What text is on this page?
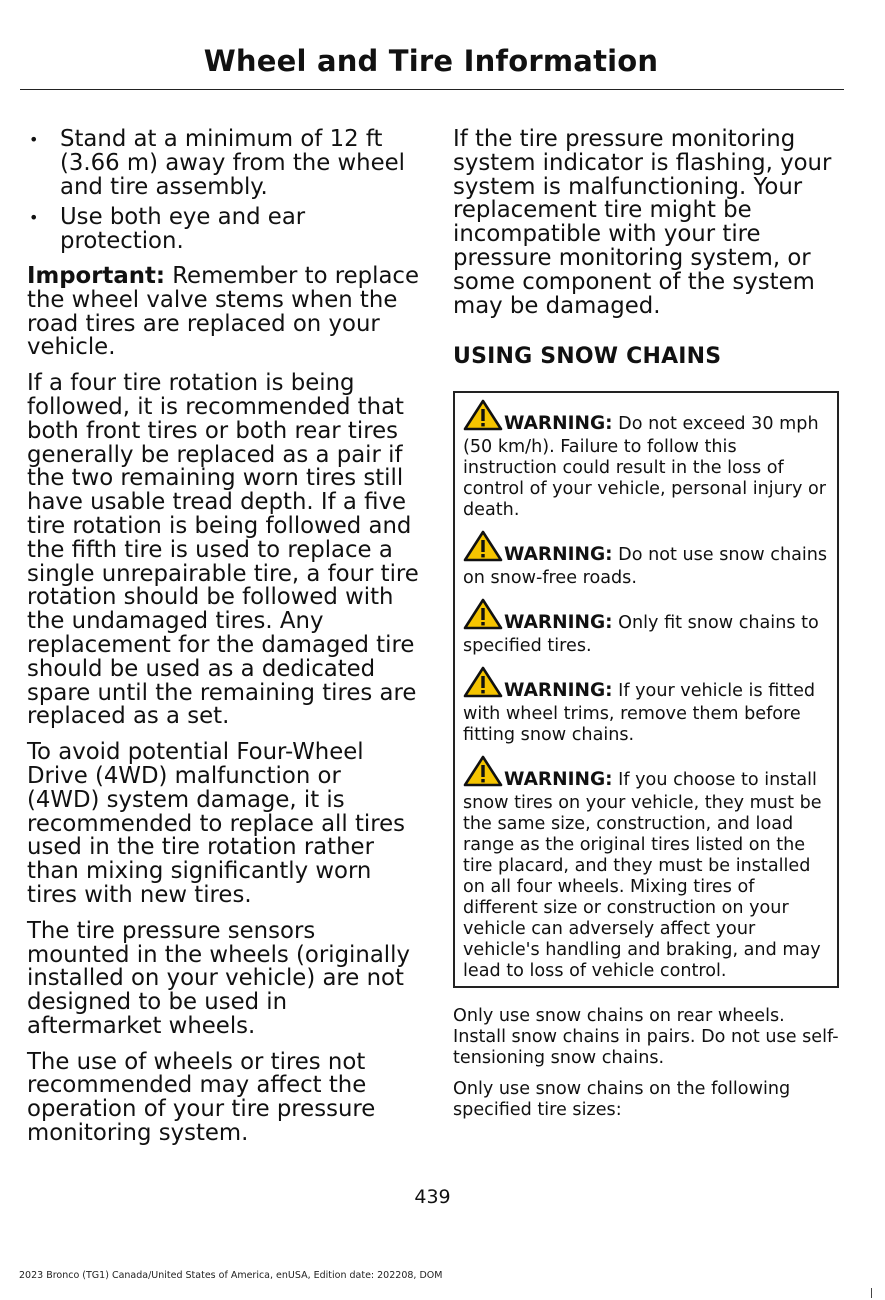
Wheel and Tire Information
• Stand at a minimum of 12 ft (3.66 m) away from the wheel and tire assembly.
• Use both eye and ear protection.

Important: Remember to replace the wheel valve stems when the road tires are replaced on your vehicle.

If a four tire rotation is being followed, it is recommended that both front tires or both rear tires generally be replaced as a pair if the two remaining worn tires still have usable tread depth. If a five tire rotation is being followed and the fifth tire is used to replace a single unrepairable tire, a four tire rotation should be followed with the undamaged tires. Any replacement for the damaged tire should be used as a dedicated spare until the remaining tires are replaced as a set.

To avoid potential Four-Wheel Drive (4WD) malfunction or (4WD) system damage, it is recommended to replace all tires used in the tire rotation rather than mixing significantly worn tires with new tires.

The tire pressure sensors mounted in the wheels (originally installed on your vehicle) are not designed to be used in aftermarket wheels.

The use of wheels or tires not recommended may affect the operation of your tire pressure monitoring system.

If the tire pressure monitoring system indicator is flashing, your system is malfunctioning. Your replacement tire might be incompatible with your tire pressure monitoring system, or some component of the system may be damaged.

USING SNOW CHAINS

WARNING: Do not exceed 30 mph (50 km/h). Failure to follow this instruction could result in the loss of control of your vehicle, personal injury or death.

WARNING: Do not use snow chains on snow-free roads.

WARNING: Only fit snow chains to specified tires.

WARNING: If your vehicle is fitted with wheel trims, remove them before fitting snow chains.

WARNING: If you choose to install snow tires on your vehicle, they must be the same size, construction, and load range as the original tires listed on the tire placard, and they must be installed on all four wheels. Mixing tires of different size or construction on your vehicle can adversely affect your vehicle's handling and braking, and may lead to loss of vehicle control.

Only use snow chains on rear wheels. Install snow chains in pairs. Do not use self-tensioning snow chains.

Only use snow chains on the following specified tire sizes:

439
2023 Bronco (TG1) Canada/United States of America, enUSA, Edition date: 202208, DOM
